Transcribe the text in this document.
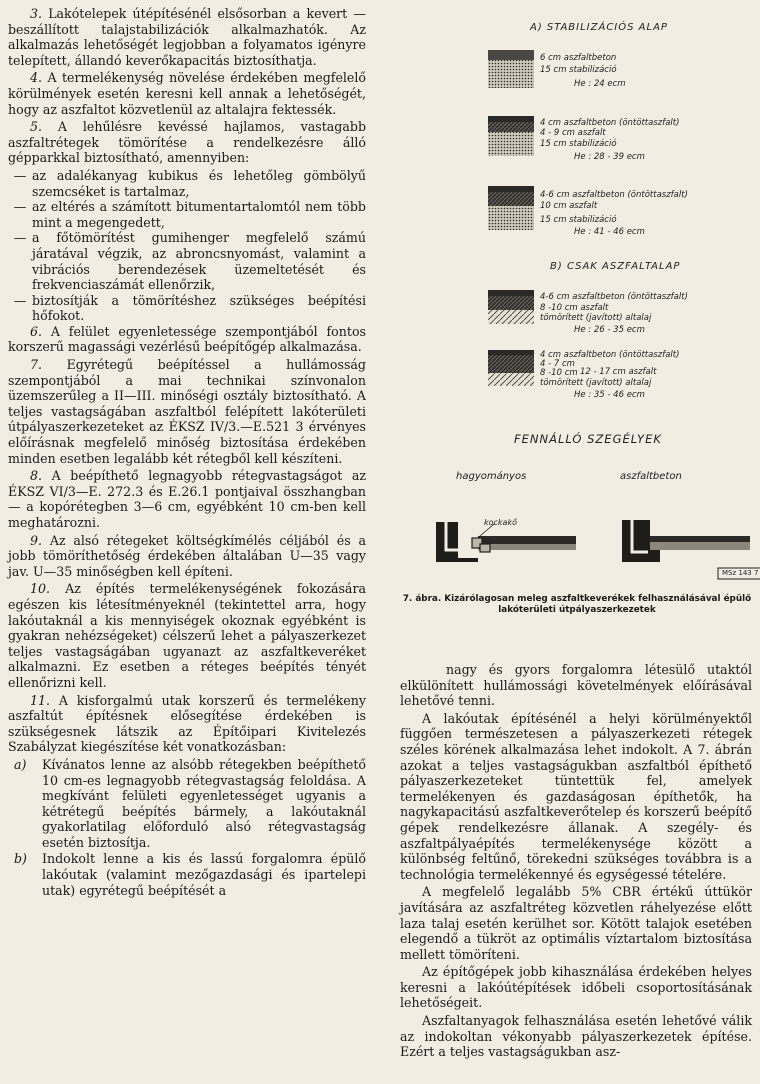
3. Lakótelepek útépítésénél elsősorban a kevert — beszállított talajstabilizációk alkalmazhatók. Az alkalmazás lehetőségét legjobban a folyamatos igényre telepített, állandó keverőkapacitás biztosíthatja.

4. A termelékenység növelése érdekében megfelelő körülmények esetén keresni kell annak a lehetőségét, hogy az aszfaltot közvetlenül az altalajra fektessék.

5. A lehűlésre kevéssé hajlamos, vastagabb aszfaltrétegek tömörítése a rendelkezésre álló gépparkkal biztosítható, amennyiben:

— az adalékanyag kubikus és lehetőleg gömbölyű szemcséket is tartalmaz,
— az eltérés a számított bitumentartalomtól nem több mint a megengedett,
— a főtömörítést gumihenger megfelelő számú járatával végzik, az abroncsnyomást, valamint a vibrációs berendezések üzemeltetését és frekvenciaszámát ellenőrzik,
— biztosítják a tömörítéshez szükséges beépítési hőfokot.

6. A felület egyenletessége szempontjából fontos korszerű magassági vezérlésű beépítőgép alkalmazása.

7. Egyrétegű beépítéssel a hullámosság szempontjából a mai technikai színvonalon üzemszerűleg a II—III. minőségi osztály biztosítható. A teljes vastagságában aszfaltból felépített lakóterületi útpályaszerkezeteket az ÉKSZ IV/3.—E.521 3 érvényes előírásnak megfelelő minőség biztosítása érdekében minden esetben legalább két rétegből kell készíteni.

8. A beépíthető legnagyobb rétegvastagságot az ÉKSZ VI/3—E. 272.3 és E.26.1 pontjaival összhangban — a kopórétegben 3—6 cm, egyébként 10 cm-ben kell meghatározni.

9. Az alsó rétegeket költségkímélés céljából és a jobb tömöríthetőség érdekében általában U—35 vagy jav. U—35 minőségben kell építeni.

10. Az építés termelékenységének fokozására egészen kis létesítményeknél (tekintettel arra, hogy lakóutaknál a kis mennyiségek okoznak egyébként is gyakran nehézségeket) célszerű lehet a pályaszerkezet teljes vastagságában ugyanazt az aszfaltkeveréket alkalmazni. Ez esetben a réteges beépítés tényét ellenőrizni kell.

11. A kisforgalmú utak korszerű és termelékeny aszfaltút építésnek elősegítése érdekében is szükségesnek látszik az Építőipari Kivitelezés Szabályzat kiegészítése két vonatkozásban:

a)	Kívánatos lenne az alsóbb rétegekben beépíthető 10 cm-es legnagyobb rétegvastagság feloldása. A megkívánt felületi egyenletességet ugyanis a kétrétegű beépítés bármely, a lakóutaknál gyakorlatilag előforduló alsó rétegvastagság esetén biztosítja.
b)	Indokolt lenne a kis és lassú forgalomra épülő lakóutak (valamint mezőgazdasági és ipartelepi utak) egyrétegű beépítését a
A) STABILIZÁCIÓS ALAP
6 cm aszfaltbeton
15 cm stabilizáció
He : 24 ecm
4 cm aszfaltbeton (öntöttaszfalt)
4 - 9 cm aszfalt
15 cm stabilizáció
He : 28 - 39 ecm
4-6 cm aszfaltbeton (öntöttaszfalt)
10 cm aszfalt
15 cm stabilizáció
He : 41 - 46 ecm
B) CSAK ASZFALTALAP
4-6 cm aszfaltbeton (öntöttaszfalt)
8 -10 cm aszfalt
tömörített (javított) altalaj
He : 26 - 35 ecm
4 cm aszfaltbeton (öntöttaszfalt)
4 - 7 cm
8 -10 cm 12 - 17 cm aszfalt
tömörített (javított) altalaj
He : 35 - 46 ecm
FENNÁLLÓ SZEGÉLYEK
hagyományos	aszfaltbeton
kockakő
MSz 143 7
7. ábra. Kizárólagosan meleg aszfaltkeverékek felhasználásával épülő lakóterületi útpályaszerkezetek

nagy és gyors forgalomra létesülő utaktól elkülönített hullámossági követelmények előírásával lehetővé tenni.

A lakóutak építésénél a helyi körülményektől függően természetesen a pályaszerkezeti rétegek széles körének alkalmazása lehet indokolt. A 7. ábrán azokat a teljes vastagságukban aszfaltból építhető pályaszerkezeteket tüntettük fel, amelyek termelékenyen és gazdaságosan építhetők, ha nagykapacitású aszfaltkeverőtelep és korszerű beépítő gépek rendelkezésre állanak. A szegély- és aszfaltpályaépítés termelékenysége között a különbség feltűnő, törekedni szükséges továbbra is a technológia termelékennyé és egységessé tételére.

A megfelelő legalább 5% CBR értékű úttükör javítására az aszfaltréteg közvetlen ráhelyezése előtt laza talaj esetén kerülhet sor. Kötött talajok esetében elegendő a tükröt az optimális víztartalom biztosítása mellett tömöríteni.

Az építőgépek jobb kihasználása érdekében helyes keresni a lakóútépítések időbeli csoportosításának lehetőségeit.

Aszfaltanyagok felhasználása esetén lehetővé válik az indokoltan vékonyabb pályaszerkezetek építése. Ezért a teljes vastagságukban asz-
